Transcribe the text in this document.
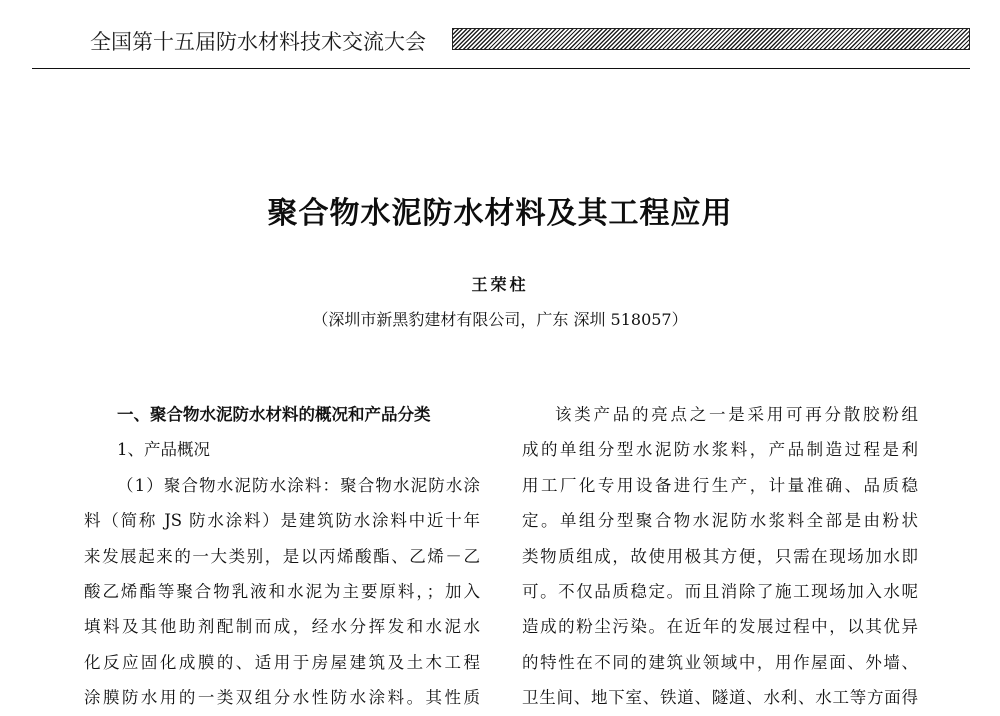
全国第十五届防水材料技术交流大会
聚合物水泥防水材料及其工程应用
王荣柱
（深圳市新黑豹建材有限公司，广东 深圳 518057）

一、聚合物水泥防水材料的概况和产品分类

1、产品概况

（1）聚合物水泥防水涂料：聚合物水泥防水涂

料（简称 JS 防水涂料）是建筑防水涂料中近十年

来发展起来的一大类别，是以丙烯酸酯、乙烯－乙

酸乙烯酯等聚合物乳液和水泥为主要原料，；加入

填料及其他助剂配制而成，经水分挥发和水泥水

化反应固化成膜的、适用于房屋建筑及土木工程

涂膜防水用的一类双组分水性防水涂料。其性质

该类产品的亮点之一是采用可再分散胶粉组

成的单组分型水泥防水浆料，产品制造过程是利

用工厂化专用设备进行生产，计量准确、品质稳

定。单组分型聚合物水泥防水浆料全部是由粉状

类物质组成，故使用极其方便，只需在现场加水即

可。不仅品质稳定。而且消除了施工现场加入水呢

造成的粉尘污染。在近年的发展过程中，以其优异

的特性在不同的建筑业领域中，用作屋面、外墙、

卫生间、地下室、铁道、隧道、水利、水工等方面得
